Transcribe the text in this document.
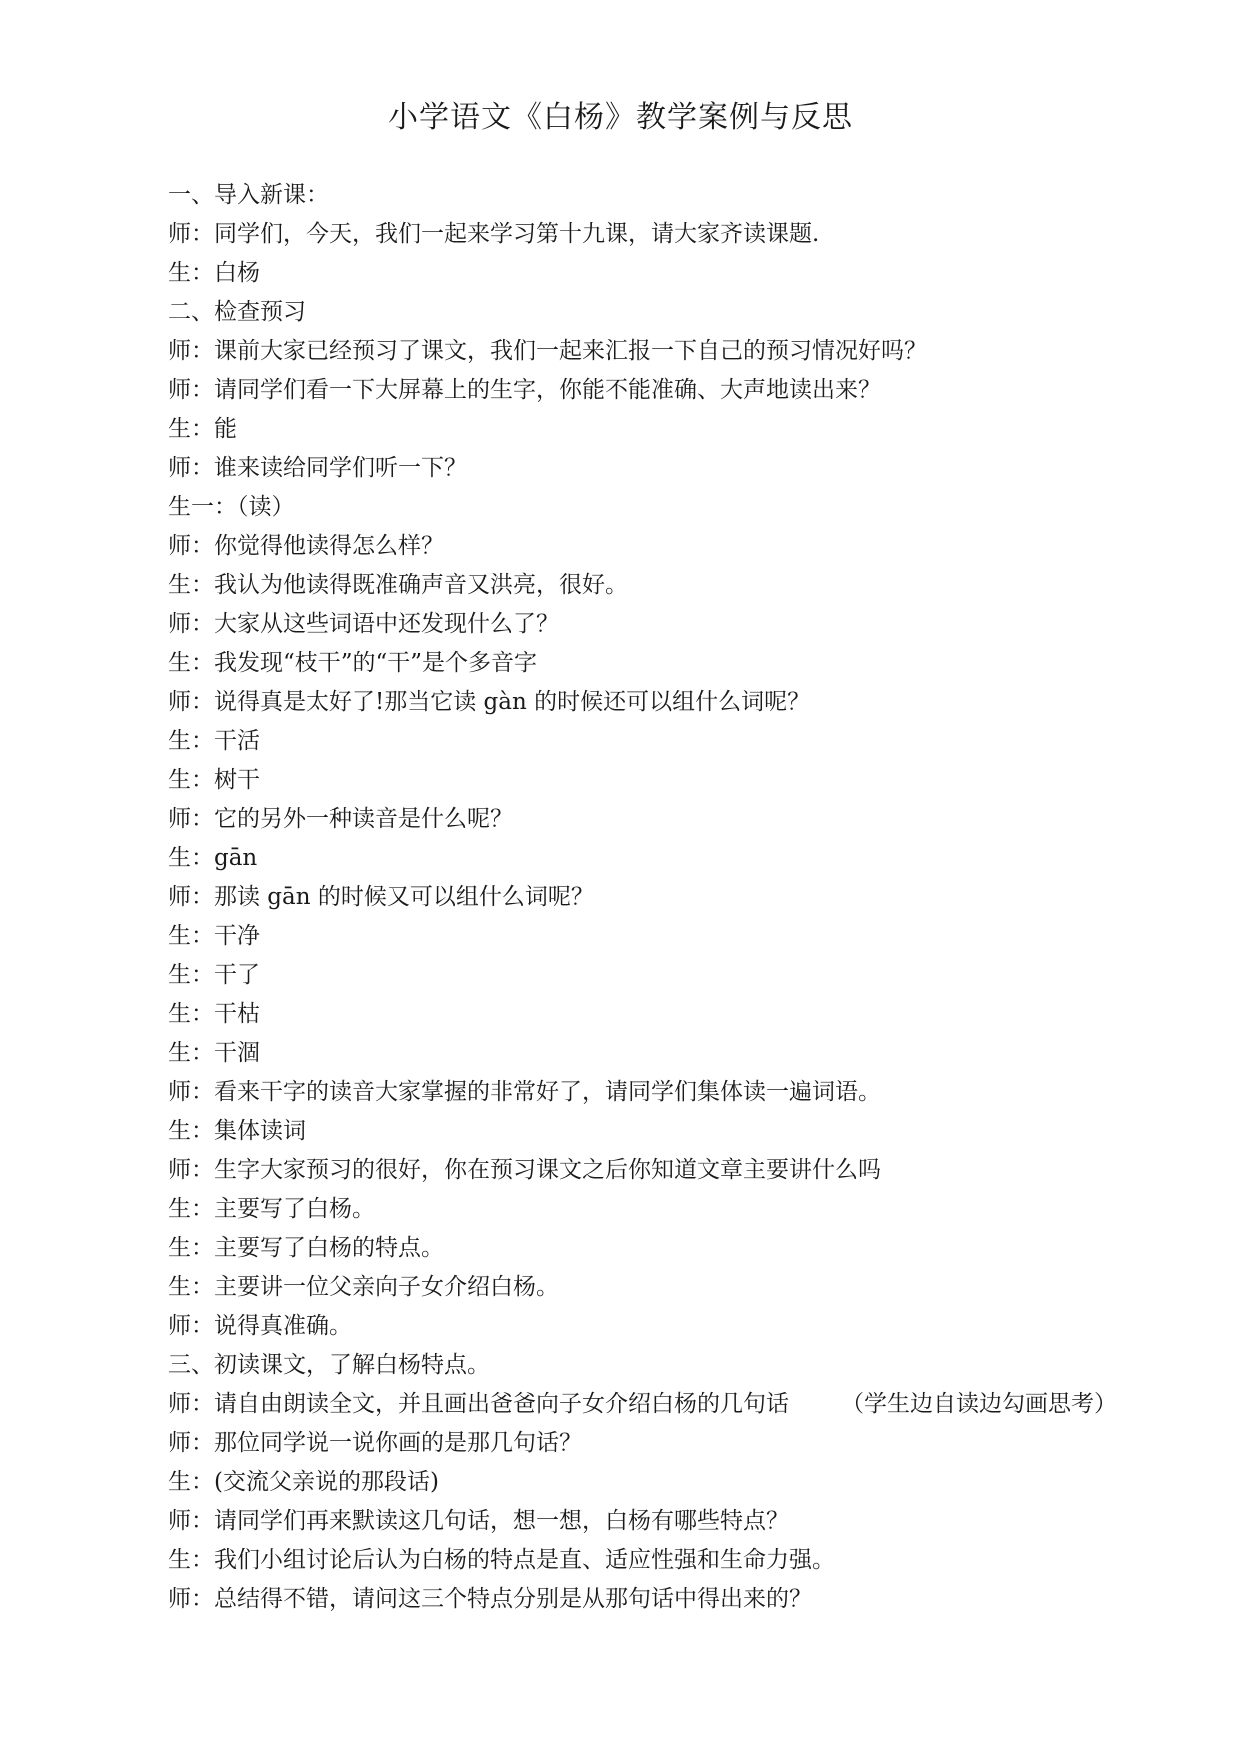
小学语文《白杨》教学案例与反思
一、导入新课：
师：同学们，今天，我们一起来学习第十九课，请大家齐读课题.
生：白杨
二、检查预习
师：课前大家已经预习了课文，我们一起来汇报一下自己的预习情况好吗？
师：请同学们看一下大屏幕上的生字，你能不能准确、大声地读出来？
生：能
师：谁来读给同学们听一下？
生一：（读）
师：你觉得他读得怎么样？
生：我认为他读得既准确声音又洪亮，很好。
师：大家从这些词语中还发现什么了？
生：我发现“枝干”的“干”是个多音字
师：说得真是太好了!那当它读 gàn 的时候还可以组什么词呢？
生：干活
生：树干
师：它的另外一种读音是什么呢？
生：gān
师：那读 gān 的时候又可以组什么词呢？
生：干净
生：干了
生：干枯
生：干涸
师：看来干字的读音大家掌握的非常好了，请同学们集体读一遍词语。
生：集体读词
师：生字大家预习的很好，你在预习课文之后你知道文章主要讲什么吗
生：主要写了白杨。
生：主要写了白杨的特点。
生：主要讲一位父亲向子女介绍白杨。
师：说得真准确。
三、初读课文，了解白杨特点。
师：请自由朗读全文，并且画出爸爸向子女介绍白杨的几句话 （学生边自读边勾画思考）
师：那位同学说一说你画的是那几句话？
生：(交流父亲说的那段话)
师：请同学们再来默读这几句话，想一想，白杨有哪些特点？
生：我们小组讨论后认为白杨的特点是直、适应性强和生命力强。
师：总结得不错，请问这三个特点分别是从那句话中得出来的？
